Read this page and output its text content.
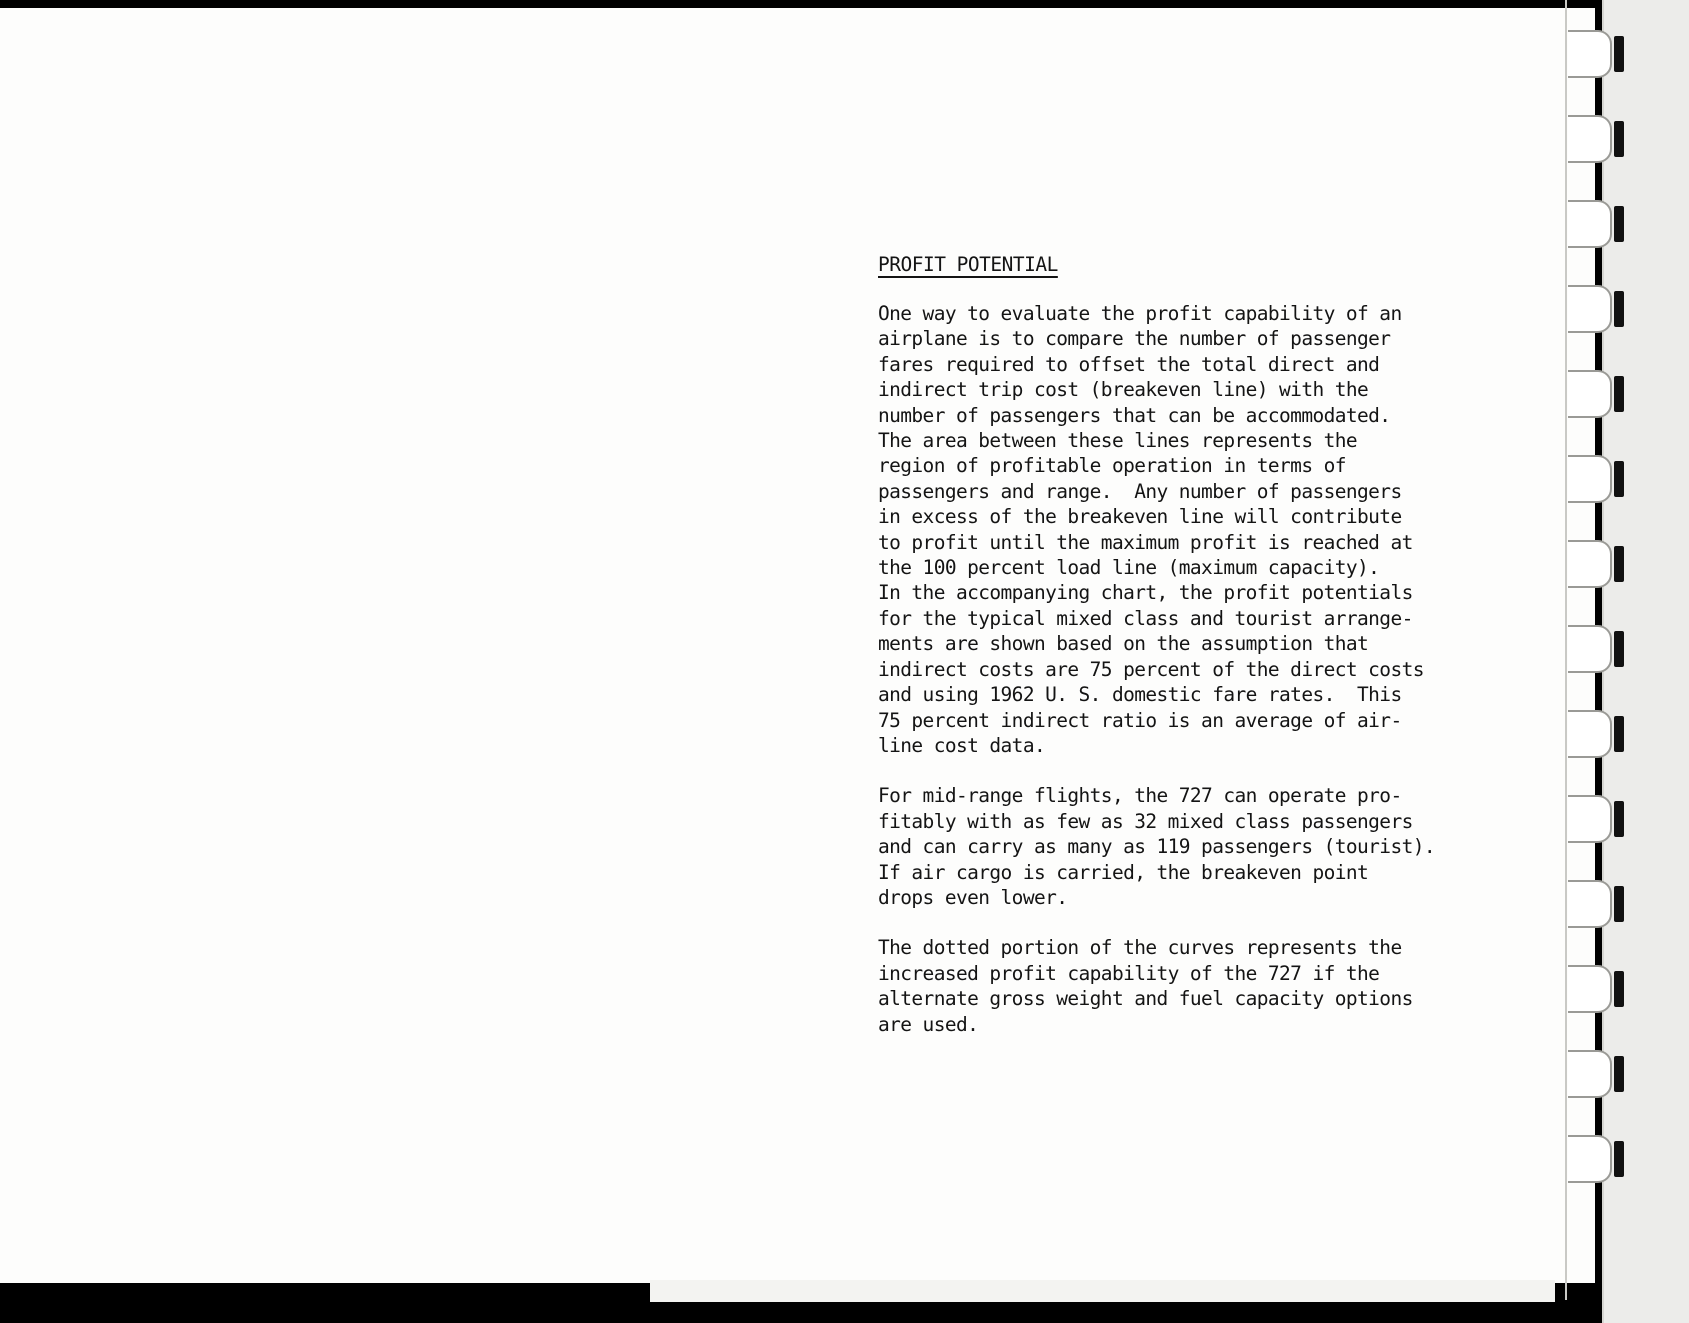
PROFIT POTENTIAL
One way to evaluate the profit capability of an
airplane is to compare the number of passenger
fares required to offset the total direct and
indirect trip cost (breakeven line) with the
number of passengers that can be accommodated.
The area between these lines represents the
region of profitable operation in terms of
passengers and range.  Any number of passengers
in excess of the breakeven line will contribute
to profit until the maximum profit is reached at
the 100 percent load line (maximum capacity).
In the accompanying chart, the profit potentials
for the typical mixed class and tourist arrange-
ments are shown based on the assumption that
indirect costs are 75 percent of the direct costs
and using 1962 U. S. domestic fare rates.  This
75 percent indirect ratio is an average of air-
line cost data.
For mid-range flights, the 727 can operate pro-
fitably with as few as 32 mixed class passengers
and can carry as many as 119 passengers (tourist).
If air cargo is carried, the breakeven point
drops even lower.
The dotted portion of the curves represents the
increased profit capability of the 727 if the
alternate gross weight and fuel capacity options
are used.
